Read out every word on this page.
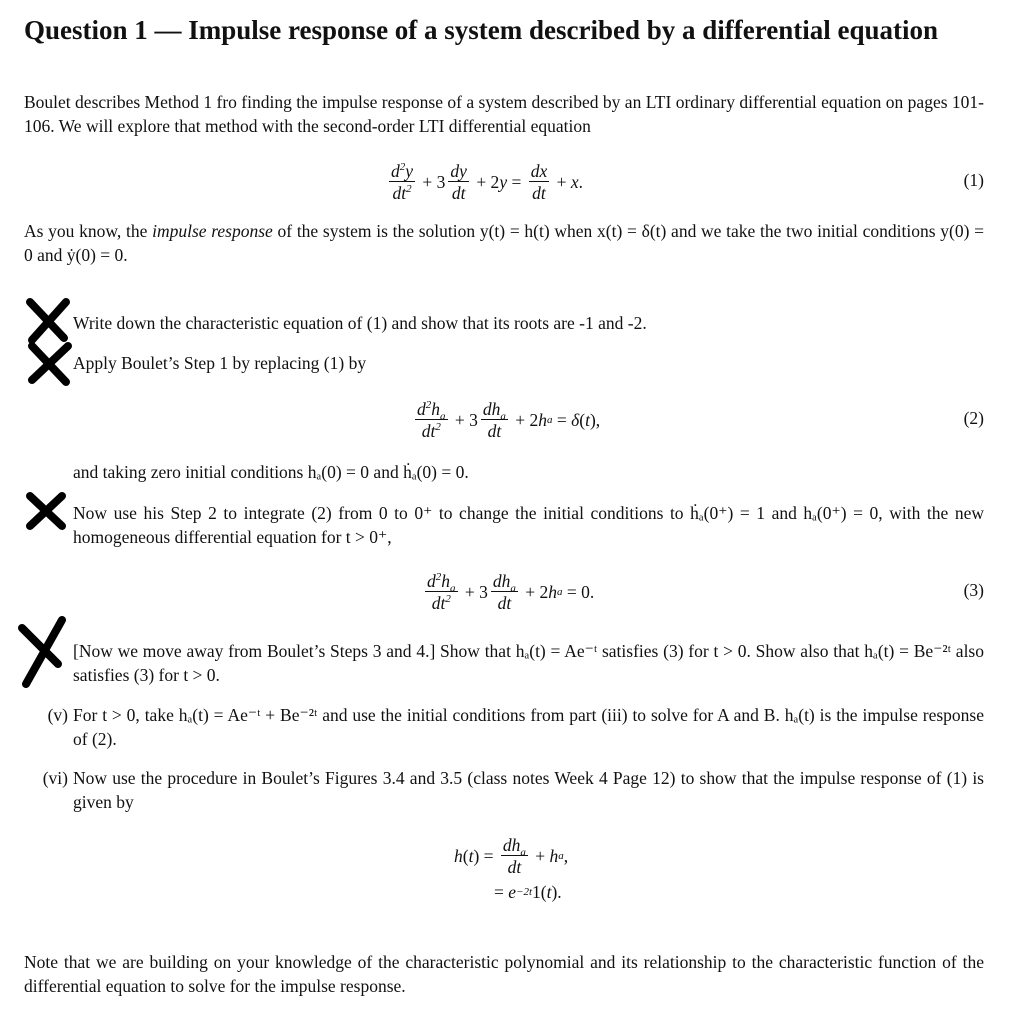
Question 1 — Impulse response of a system described by a differential equation
Boulet describes Method 1 fro finding the impulse response of a system described by an LTI ordinary differential equation on pages 101-106. We will explore that method with the second-order LTI differential equation
$\frac{d^2y}{dt^2} + 3 \frac{dy}{dt} + 2$ $y = \frac{dx}{dt} + x$ .	(1)
As you know, the impulse response of the system is the solution y(t) = h(t) when x(t) = δ(t) and we take the two initial conditions y(0) = 0 and ẏ(0) = 0.
Write down the characteristic equation of (1) and show that its roots are -1 and -2.
Apply Boulet’s Step 1 by replacing (1) by
$\frac{d^2h_a}{dt^2} + 3 \frac{dh_a}{dt} + 2$ h a = δ ( t ),	(2)
and taking zero initial conditions hₐ(0) = 0 and ḣₐ(0) = 0.
Now use his Step 2 to integrate (2) from 0 to 0⁺ to change the initial conditions to ḣₐ(0⁺) = 1 and hₐ(0⁺) = 0, with the new homogeneous differential equation for t > 0⁺,
$\frac{d^2h_a}{dt^2} + 3 \frac{dh_a}{dt} + 2$ h a = 0.	(3)
[Now we move away from Boulet’s Steps 3 and 4.] Show that hₐ(t) = Ae⁻ᵗ satisfies (3) for t > 0. Show also that hₐ(t) = Be⁻²ᵗ also satisfies (3) for t > 0.
(v) For t > 0, take hₐ(t) = Ae⁻ᵗ + Be⁻²ᵗ and use the initial conditions from part (iii) to solve for A and B. hₐ(t) is the impulse response of (2).
(vi) Now use the procedure in Boulet’s Figures 3.4 and 3.5 (class notes Week 4 Page 12) to show that the impulse response of (1) is given by
h ( t ) = $\frac{dh_a}{dt} + h$ a ,
= e −2t 1( t ).
Note that we are building on your knowledge of the characteristic polynomial and its relationship to the characteristic function of the differential equation to solve for the impulse response.
